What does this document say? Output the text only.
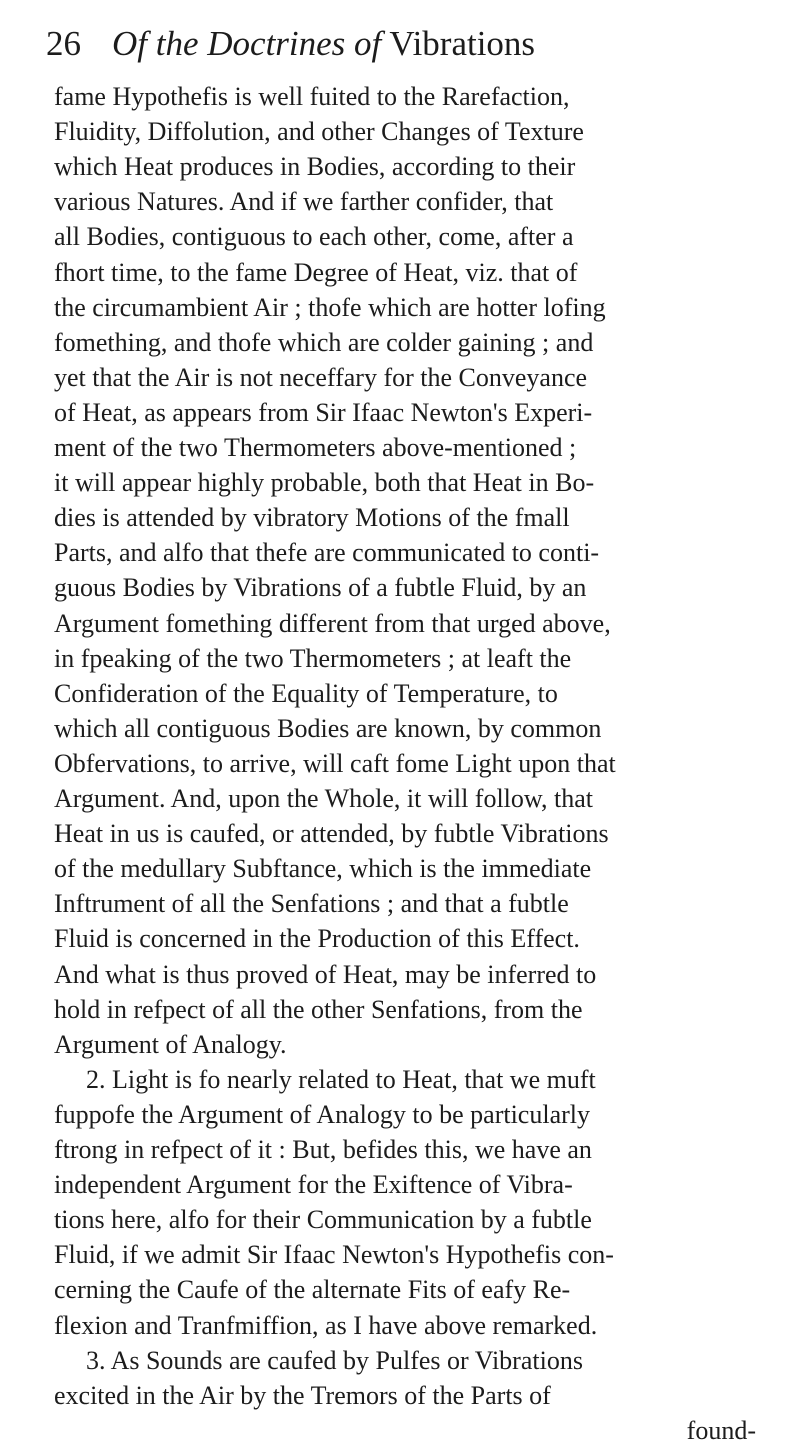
26 Of the Doctrines of Vibrations
fame Hypothefis is well fuited to the Rarefaction,
Fluidity, Diffolution, and other Changes of Texture
which Heat produces in Bodies, according to their
various Natures. And if we farther confider, that
all Bodies, contiguous to each other, come, after a
fhort time, to the fame Degree of Heat, viz. that of
the circumambient Air ; thofe which are hotter lofing
fomething, and thofe which are colder gaining ; and
yet that the Air is not neceffary for the Conveyance
of Heat, as appears from Sir Ifaac Newton's Experi-
ment of the two Thermometers above-mentioned ;
it will appear highly probable, both that Heat in Bo-
dies is attended by vibratory Motions of the fmall
Parts, and alfo that thefe are communicated to conti-
guous Bodies by Vibrations of a fubtle Fluid, by an
Argument fomething different from that urged above,
in fpeaking of the two Thermometers ; at leaft the
Confideration of the Equality of Temperature, to
which all contiguous Bodies are known, by common
Obfervations, to arrive, will caft fome Light upon that
Argument. And, upon the Whole, it will follow, that
Heat in us is caufed, or attended, by fubtle Vibrations
of the medullary Subftance, which is the immediate
Inftrument of all the Senfations ; and that a fubtle
Fluid is concerned in the Production of this Effect.
And what is thus proved of Heat, may be inferred to
hold in refpect of all the other Senfations, from the
Argument of Analogy.
2. Light is fo nearly related to Heat, that we muft
fuppofe the Argument of Analogy to be particularly
ftrong in refpect of it : But, befides this, we have an
independent Argument for the Exiftence of Vibra-
tions here, alfo for their Communication by a fubtle
Fluid, if we admit Sir Ifaac Newton's Hypothefis con-
cerning the Caufe of the alternate Fits of eafy Re-
flexion and Tranfmiffion, as I have above remarked.
3. As Sounds are caufed by Pulfes or Vibrations
excited in the Air by the Tremors of the Parts of
found-
